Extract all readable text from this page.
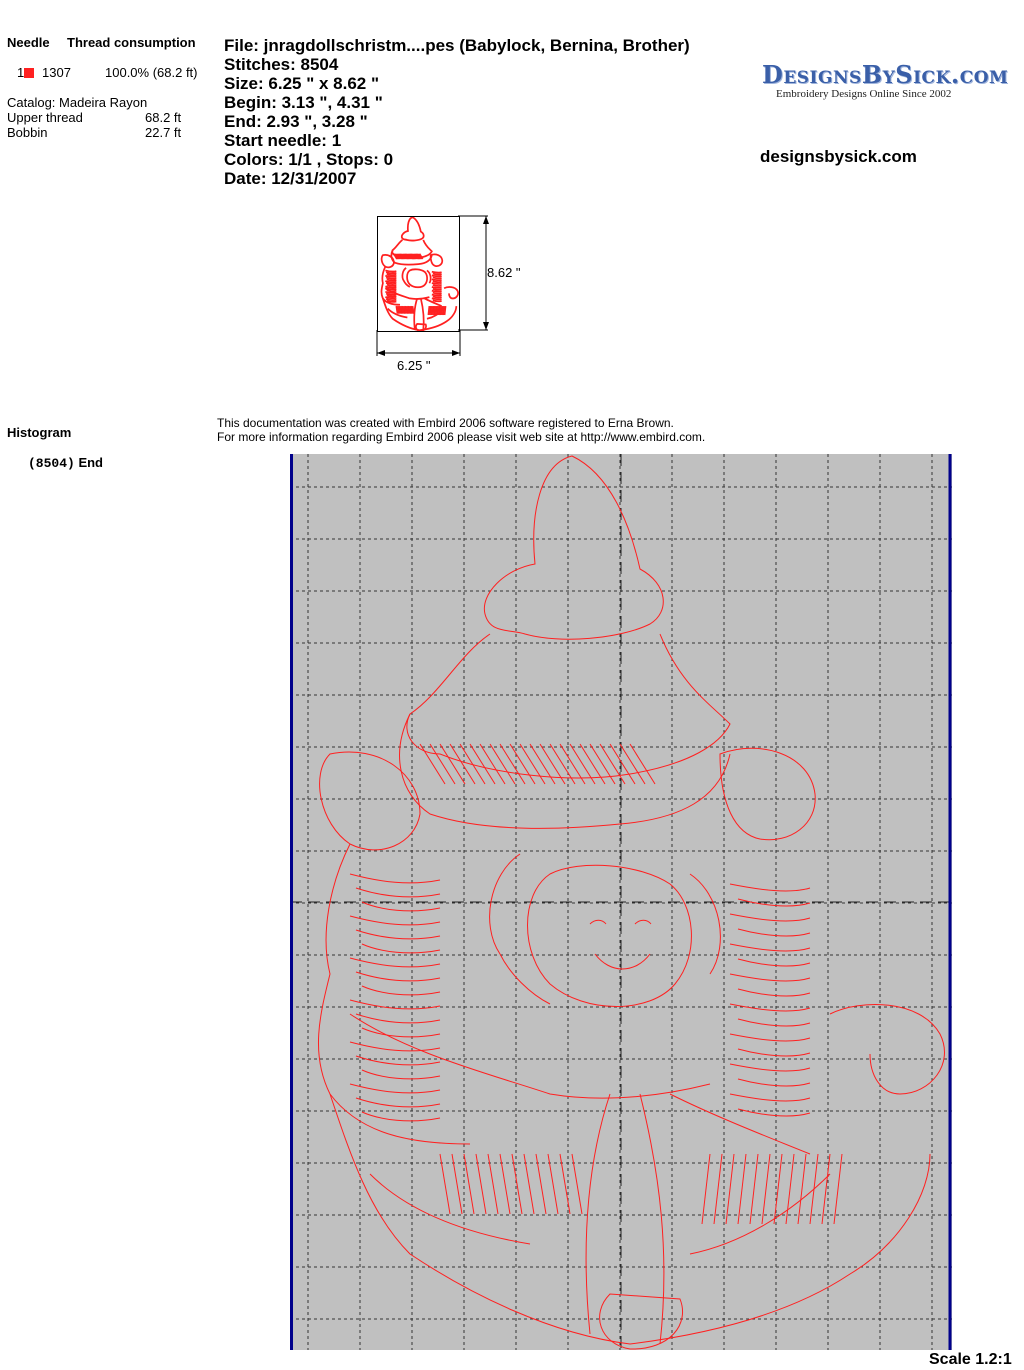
Needle Thread consumption
1	1307	100.0% (68.2 ft)
Catalog: Madeira Rayon
Upper thread	68.2 ft
Bobbin	22.7 ft
Histogram
(8504) End
File: jnragdollschristm....pes (Babylock, Bernina, Brother)
Stitches: 8504
Size: 6.25 " x 8.62 "
Begin: 3.13 ", 4.31 "
End: 2.93 ", 3.28 "
Start needle: 1
Colors: 1/1 , Stops: 0
Date: 12/31/2007
DesignsBySick.com
Embroidery Designs Online Since 2002
designsbysick.com
8.62 "
6.25 "
This documentation was created with Embird 2006 software registered to Erna Brown.
For more information regarding Embird 2006 please visit web site at http://www.embird.com.
Scale 1.2:1
